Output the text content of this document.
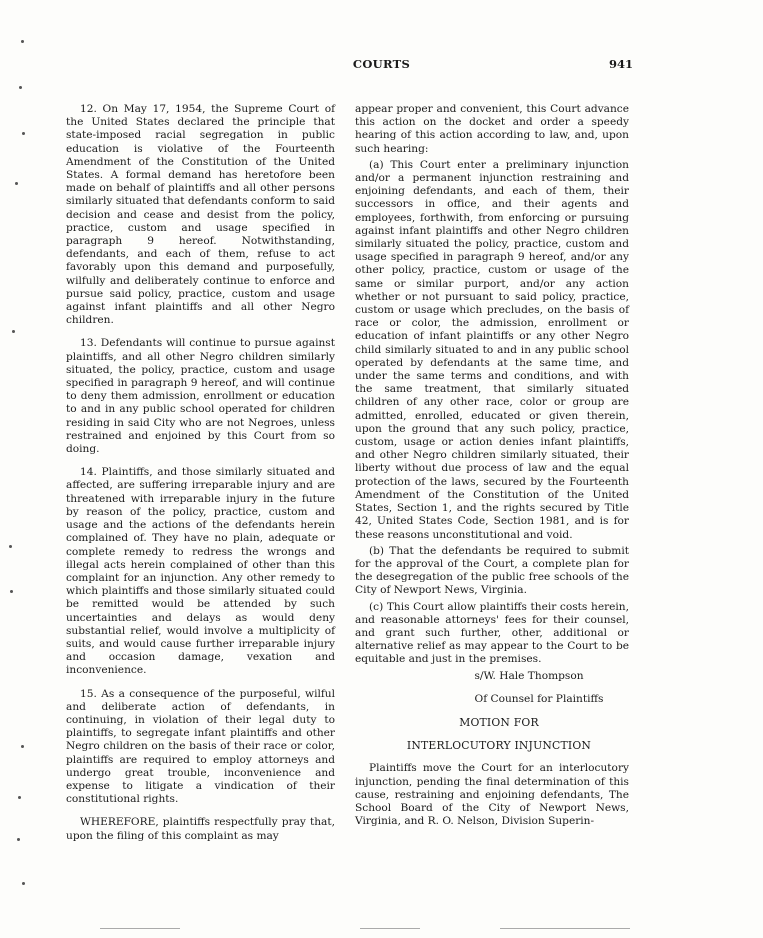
COURTS	941

12. On May 17, 1954, the Supreme Court of the United States declared the principle that state-imposed racial segregation in public education is violative of the Fourteenth Amendment of the Constitution of the United States. A formal demand has heretofore been made on behalf of plaintiffs and all other persons similarly situated that defendants conform to said decision and cease and desist from the policy, practice, custom and usage specified in paragraph 9 hereof. Notwithstanding, defendants, and each of them, refuse to act favorably upon this demand and purposefully, wilfully and deliberately continue to enforce and pursue said policy, practice, custom and usage against infant plaintiffs and all other Negro children.

13. Defendants will continue to pursue against plaintiffs, and all other Negro children similarly situated, the policy, practice, custom and usage specified in paragraph 9 hereof, and will continue to deny them admission, enrollment or education to and in any public school operated for children residing in said City who are not Negroes, unless restrained and enjoined by this Court from so doing.

14. Plaintiffs, and those similarly situated and affected, are suffering irreparable injury and are threatened with irreparable injury in the future by reason of the policy, practice, custom and usage and the actions of the defendants herein complained of. They have no plain, adequate or complete remedy to redress the wrongs and illegal acts herein complained of other than this complaint for an injunction. Any other remedy to which plaintiffs and those similarly situated could be remitted would be attended by such uncertainties and delays as would deny substantial relief, would involve a multiplicity of suits, and would cause further irreparable injury and occasion damage, vexation and inconvenience.

15. As a consequence of the purposeful, wilful and deliberate action of defendants, in continuing, in violation of their legal duty to plaintiffs, to segregate infant plaintiffs and other Negro children on the basis of their race or color, plaintiffs are required to employ attorneys and undergo great trouble, inconvenience and expense to litigate a vindication of their constitutional rights.

WHEREFORE, plaintiffs respectfully pray that, upon the filing of this complaint as may

appear proper and convenient, this Court advance this action on the docket and order a speedy hearing of this action according to law, and, upon such hearing:

(a) This Court enter a preliminary injunction and/or a permanent injunction restraining and enjoining defendants, and each of them, their successors in office, and their agents and employees, forthwith, from enforcing or pursuing against infant plaintiffs and other Negro children similarly situated the policy, practice, custom and usage specified in paragraph 9 hereof, and/or any other policy, practice, custom or usage of the same or similar purport, and/or any action whether or not pursuant to said policy, practice, custom or usage which precludes, on the basis of race or color, the admission, enrollment or education of infant plaintiffs or any other Negro child similarly situated to and in any public school operated by defendants at the same time, and under the same terms and conditions, and with the same treatment, that similarly situated children of any other race, color or group are admitted, enrolled, educated or given therein, upon the ground that any such policy, practice, custom, usage or action denies infant plaintiffs, and other Negro children similarly situated, their liberty without due process of law and the equal protection of the laws, secured by the Fourteenth Amendment of the Constitution of the United States, Section 1, and the rights secured by Title 42, United States Code, Section 1981, and is for these reasons unconstitutional and void.

(b) That the defendants be required to submit for the approval of the Court, a complete plan for the desegregation of the public free schools of the City of Newport News, Virginia.

(c) This Court allow plaintiffs their costs herein, and reasonable attorneys' fees for their counsel, and grant such further, other, additional or alternative relief as may appear to the Court to be equitable and just in the premises.

s/W. Hale Thompson

Of Counsel for Plaintiffs

MOTION FOR

INTERLOCUTORY INJUNCTION

Plaintiffs move the Court for an interlocutory injunction, pending the final determination of this cause, restraining and enjoining defendants, The School Board of the City of Newport News, Virginia, and R. O. Nelson, Division Superin-
